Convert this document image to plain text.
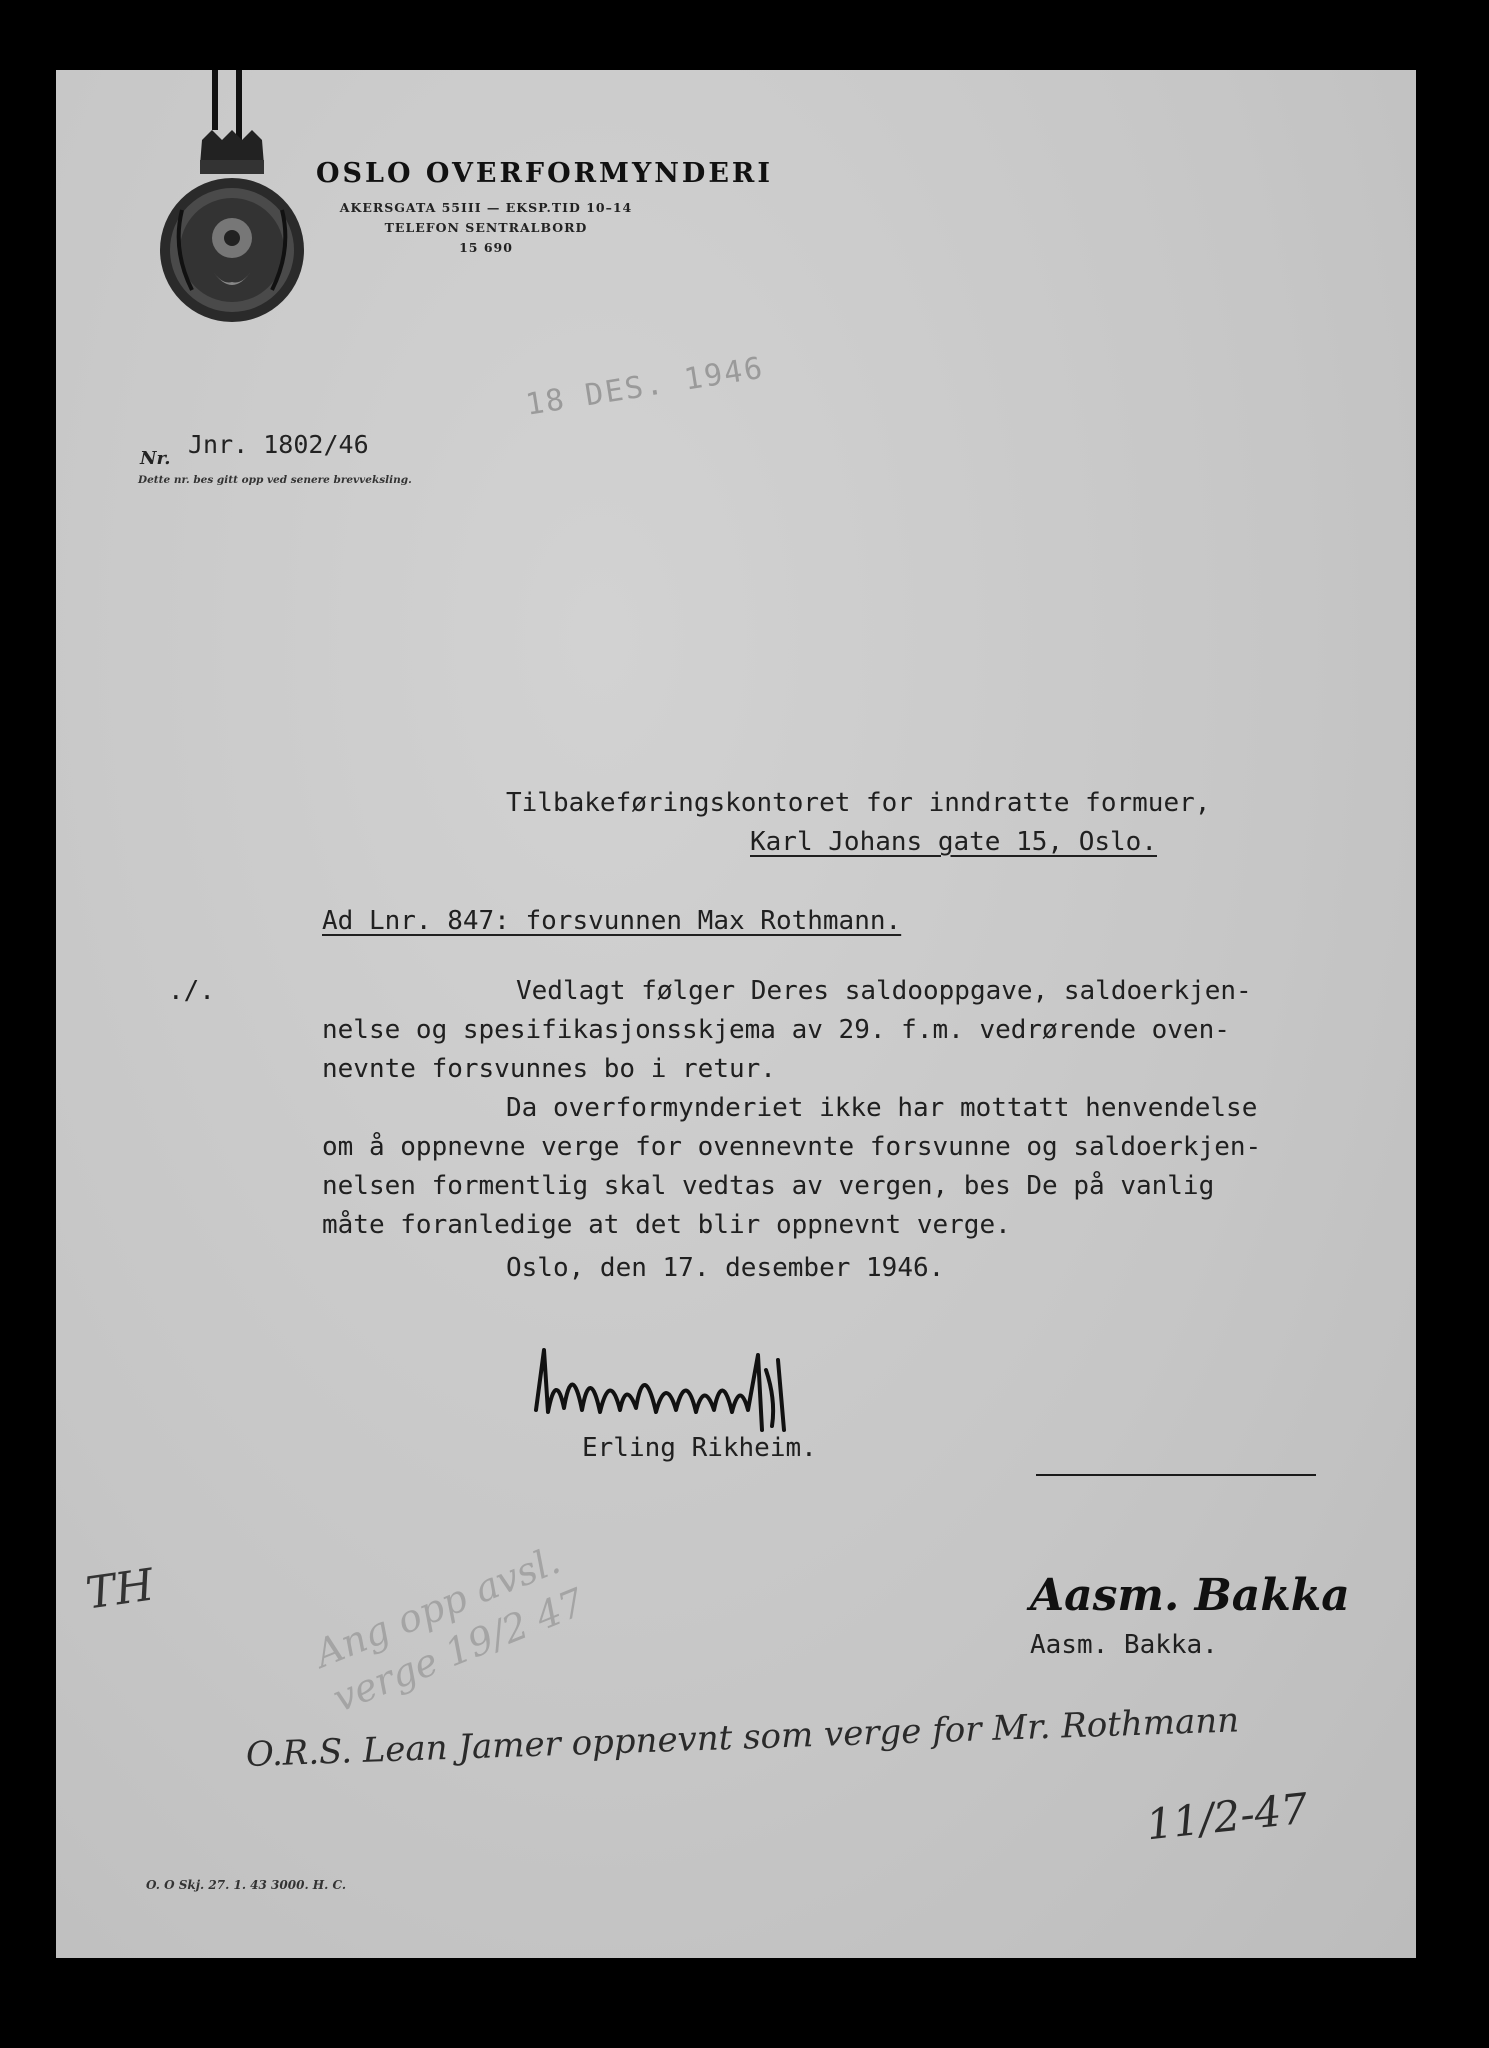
OSLO OVERFORMYNDERI
AKERSGATA 55III — EKSP.TID 10–14
TELEFON SENTRALBORD
15 690
Nr. Jnr. 1802/46
Dette nr. bes gitt opp ved senere brevveksling.
18 DES. 1946
Tilbakeføringskontoret for inndratte formuer,
Karl Johans gate 15, Oslo.
Ad Lnr. 847: forsvunnen Max Rothmann.
./.	Vedlagt følger Deres saldooppgave, saldoerkjen-
nelse og spesifikasjonsskjema av 29. f.m. vedrørende oven-
nevnte forsvunnes bo i retur.
Da overformynderiet ikke har mottatt henvendelse
om å oppnevne verge for ovennevnte forsvunne og saldoerkjen-
nelsen formentlig skal vedtas av vergen, bes De på vanlig
måte foranledige at det blir oppnevnt verge.
Oslo, den 17. desember 1946.
Erling Rikheim.
Aasm. Bakka
Aasm. Bakka.
TH	Ang opp avsl. verge 19/2 47
O.R.S. Lean Jamer oppnevnt som verge for Mr. Rothmann
11/2-47
O. O Skj. 27. 1. 43 3000. H. C.
